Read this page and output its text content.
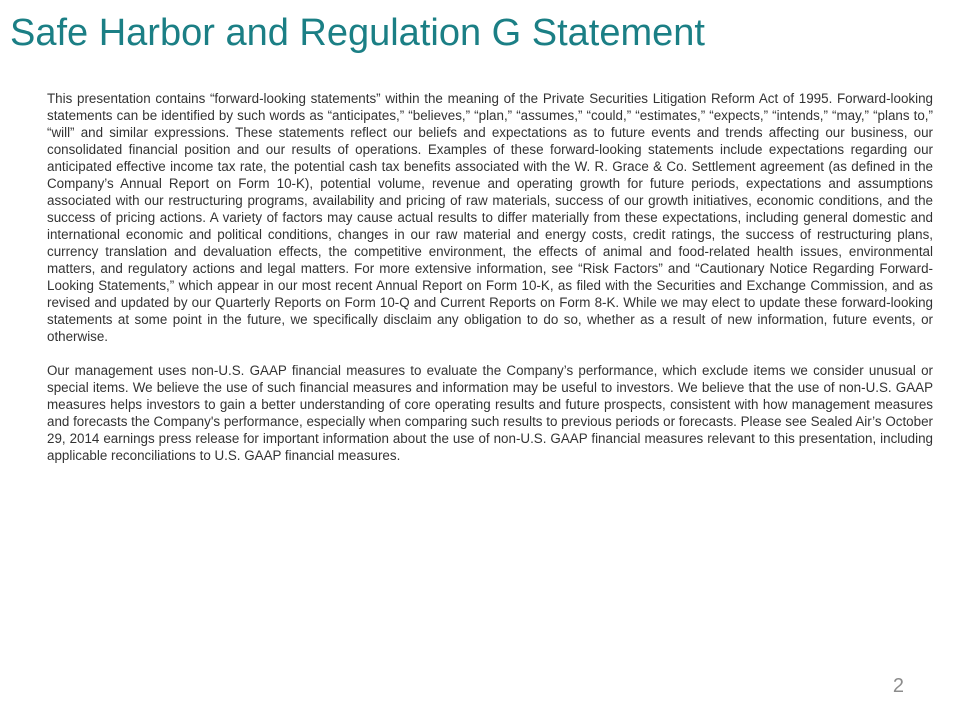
Safe Harbor and Regulation G Statement

This presentation contains “forward-looking statements” within the meaning of the Private Securities Litigation Reform Act of 1995. Forward-looking statements can be identified by such words as “anticipates,” “believes,” “plan,” “assumes,” “could,” “estimates,” “expects,” “intends,” “may,” “plans to,” “will” and similar expressions. These statements reflect our beliefs and expectations as to future events and trends affecting our business, our consolidated financial position and our results of operations. Examples of these forward-looking statements include expectations regarding our anticipated effective income tax rate, the potential cash tax benefits associated with the W. R. Grace & Co. Settlement agreement (as defined in the Company’s Annual Report on Form 10-K), potential volume, revenue and operating growth for future periods, expectations and assumptions associated with our restructuring programs, availability and pricing of raw materials, success of our growth initiatives, economic conditions, and the success of pricing actions. A variety of factors may cause actual results to differ materially from these expectations, including general domestic and international economic and political conditions, changes in our raw material and energy costs, credit ratings, the success of restructuring plans, currency translation and devaluation effects, the competitive environment, the effects of animal and food-related health issues, environmental matters, and regulatory actions and legal matters. For more extensive information, see “Risk Factors” and “Cautionary Notice Regarding Forward-Looking Statements,” which appear in our most recent Annual Report on Form 10-K, as filed with the Securities and Exchange Commission, and as revised and updated by our Quarterly Reports on Form 10-Q and Current Reports on Form 8-K. While we may elect to update these forward-looking statements at some point in the future, we specifically disclaim any obligation to do so, whether as a result of new information, future events, or otherwise.

Our management uses non-U.S. GAAP financial measures to evaluate the Company’s performance, which exclude items we consider unusual or special items. We believe the use of such financial measures and information may be useful to investors. We believe that the use of non-U.S. GAAP measures helps investors to gain a better understanding of core operating results and future prospects, consistent with how management measures and forecasts the Company's performance, especially when comparing such results to previous periods or forecasts. Please see Sealed Air’s October 29, 2014 earnings press release for important information about the use of non-U.S. GAAP financial measures relevant to this presentation, including applicable reconciliations to U.S. GAAP financial measures.

2
